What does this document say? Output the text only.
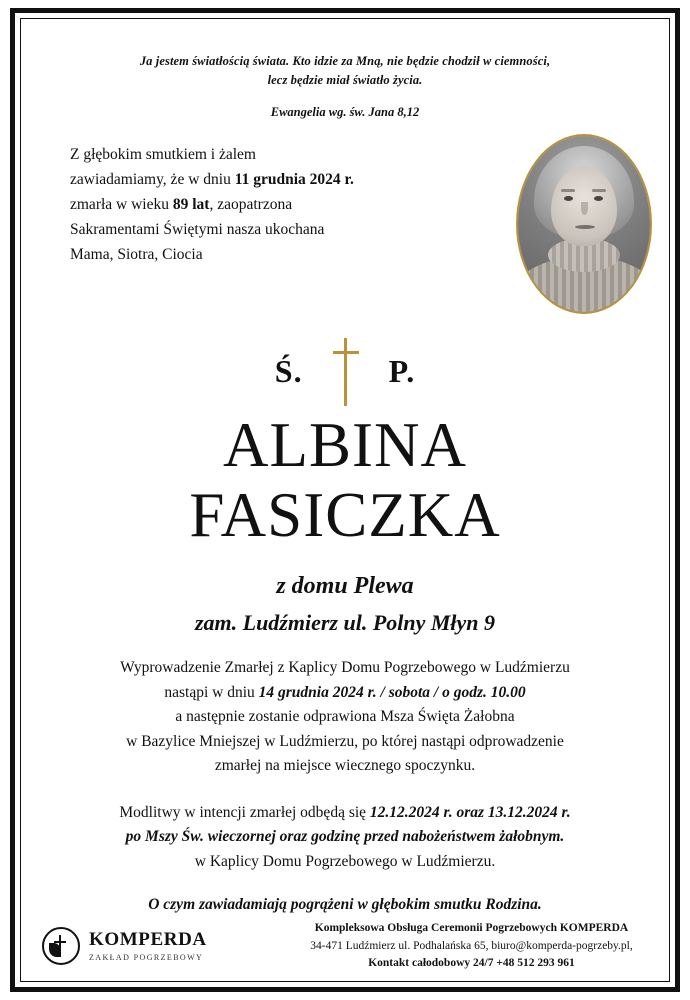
Ja jestem światłością świata. Kto idzie za Mną, nie będzie chodził w ciemności,
lecz będzie miał światło życia.
Ewangelia wg. św. Jana 8,12
Z głębokim smutkiem i żalem
zawiadamiamy, że w dniu 11 grudnia 2024 r.
zmarła w wieku 89 lat, zaopatrzona
Sakramentami Świętymi nasza ukochana
Mama, Siotra, Ciocia
Ś.	P.
ALBINA
FASICZKA
z domu Plewa
zam. Ludźmierz ul. Polny Młyn 9
Wyprowadzenie Zmarłej z Kaplicy Domu Pogrzebowego w Ludźmierzu
nastąpi w dniu 14 grudnia 2024 r. / sobota / o godz. 10.00
a następnie zostanie odprawiona Msza Święta Żałobna
w Bazylice Mniejszej w Ludźmierzu, po której nastąpi odprowadzenie
zmarłej na miejsce wiecznego spoczynku.
Modlitwy w intencji zmarłej odbędą się 12.12.2024 r. oraz 13.12.2024 r.
po Mszy Św. wieczornej oraz godzinę przed nabożeństwem żałobnym.
w Kaplicy Domu Pogrzebowego w Ludźmierzu.
O czym zawiadamiają pogrążeni w głębokim smutku Rodzina.
KOMPERDA
ZAKŁAD POGRZEBOWY
Kompleksowa Obsługa Ceremonii Pogrzebowych KOMPERDA
34-471 Ludźmierz ul. Podhalańska 65, biuro@komperda-pogrzeby.pl,
Kontakt całodobowy 24/7 +48 512 293 961
